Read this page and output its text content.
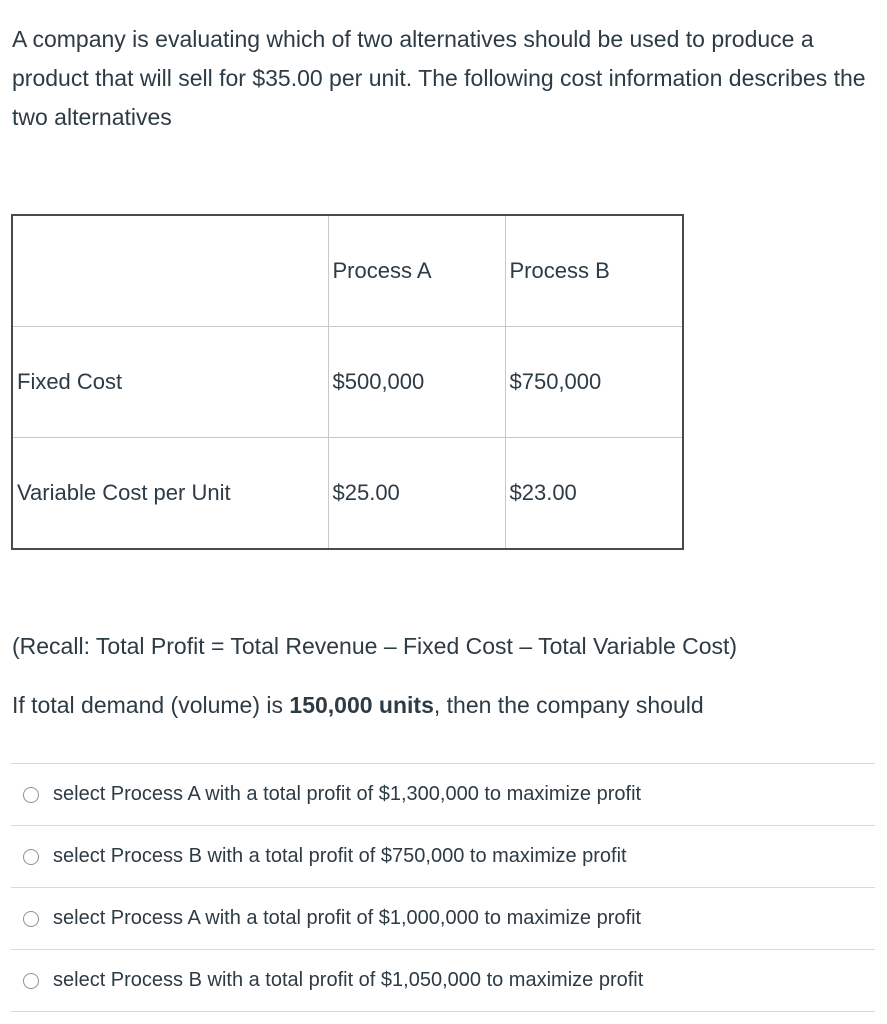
A company is evaluating which of two alternatives should be used to produce a product that will sell for $35.00 per unit. The following cost information describes the two alternatives

	Process A	Process B
Fixed Cost	$500,000	$750,000
Variable Cost per Unit	$25.00	$23.00

(Recall: Total Profit = Total Revenue – Fixed Cost – Total Variable Cost)

If total demand (volume) is 150,000 units, then the company should

select Process A with a total profit of $1,300,000 to maximize profit
select Process B with a total profit of $750,000 to maximize profit
select Process A with a total profit of $1,000,000 to maximize profit
select Process B with a total profit of $1,050,000 to maximize profit
